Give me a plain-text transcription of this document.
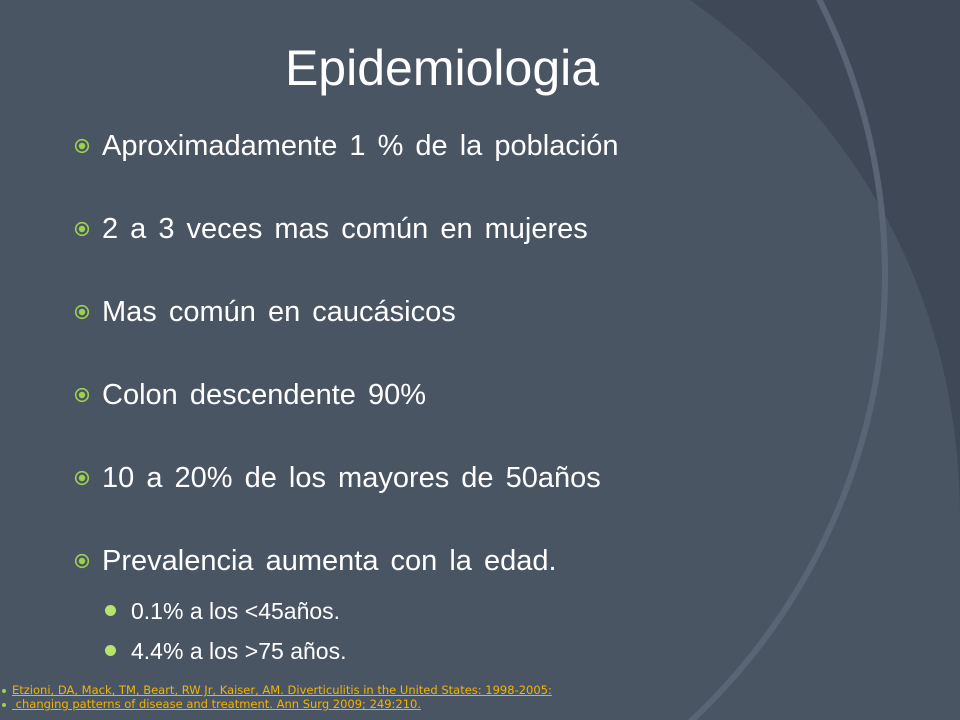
Epidemiologia
Aproximadamente 1 % de la población
2 a 3 veces mas común en mujeres
Mas común en caucásicos
Colon descendente 90%
10 a 20% de los mayores de 50años
Prevalencia aumenta con la edad.
0.1% a los <45años.
4.4% a los >75 años.
Etzioni, DA, Mack, TM, Beart, RW Jr, Kaiser, AM. Diverticulitis in the United States: 1998-2005:
changing patterns of disease and treatment. Ann Surg 2009; 249:210.
